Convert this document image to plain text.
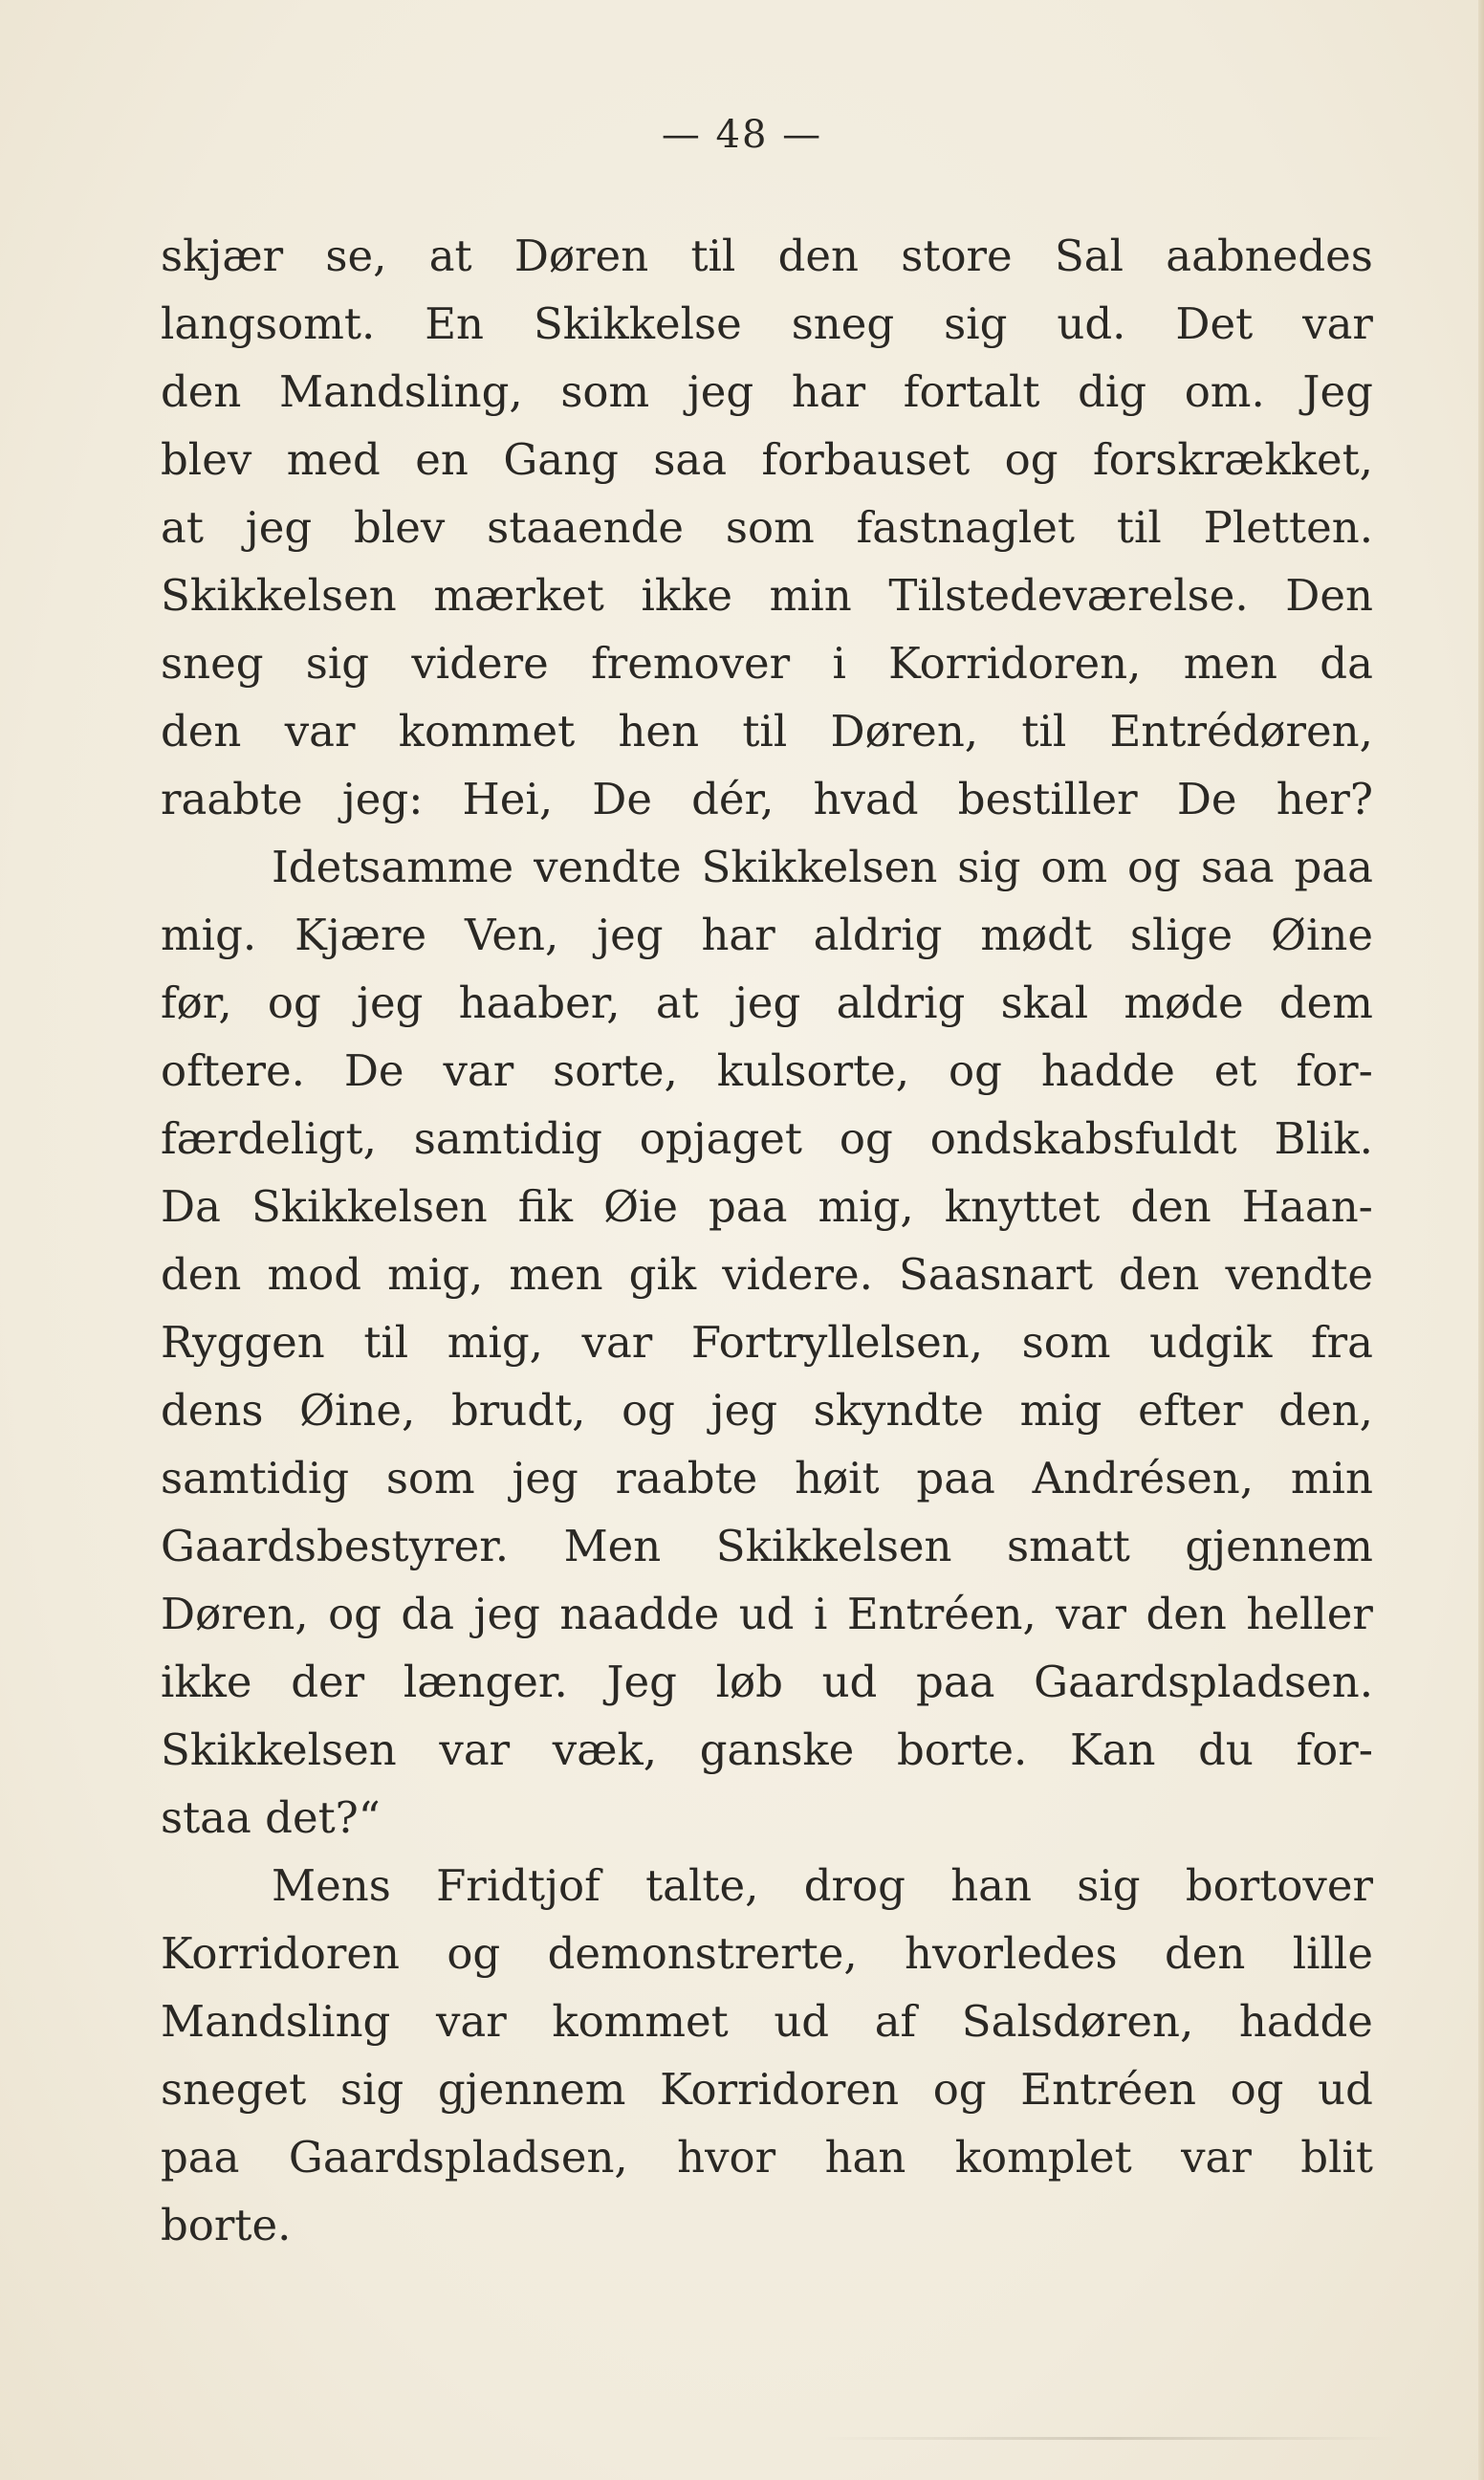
— 48 —
skjær se, at Døren til den store Sal aabnedes
langsomt. En Skikkelse sneg sig ud. Det var
den Mandsling, som jeg har fortalt dig om. Jeg
blev med en Gang saa forbauset og forskrækket,
at jeg blev staaende som fastnaglet til Pletten.
Skikkelsen mærket ikke min Tilstedeværelse. Den
sneg sig videre fremover i Korridoren, men da
den var kommet hen til Døren, til Entrédøren,
raabte jeg: Hei, De dér, hvad bestiller De her?
Idetsamme vendte Skikkelsen sig om og saa paa
mig. Kjære Ven, jeg har aldrig mødt slige Øine
før, og jeg haaber, at jeg aldrig skal møde dem
oftere. De var sorte, kulsorte, og hadde et for-
færdeligt, samtidig opjaget og ondskabsfuldt Blik.
Da Skikkelsen fik Øie paa mig, knyttet den Haan-
den mod mig, men gik videre. Saasnart den vendte
Ryggen til mig, var Fortryllelsen, som udgik fra
dens Øine, brudt, og jeg skyndte mig efter den,
samtidig som jeg raabte høit paa Andrésen, min
Gaardsbestyrer. Men Skikkelsen smatt gjennem
Døren, og da jeg naadde ud i Entréen, var den heller
ikke der længer. Jeg løb ud paa Gaardspladsen.
Skikkelsen var væk, ganske borte. Kan du for-
staa det?“
Mens Fridtjof talte, drog han sig bortover
Korridoren og demonstrerte, hvorledes den lille
Mandsling var kommet ud af Salsdøren, hadde
sneget sig gjennem Korridoren og Entréen og ud
paa Gaardspladsen, hvor han komplet var blit
borte.
